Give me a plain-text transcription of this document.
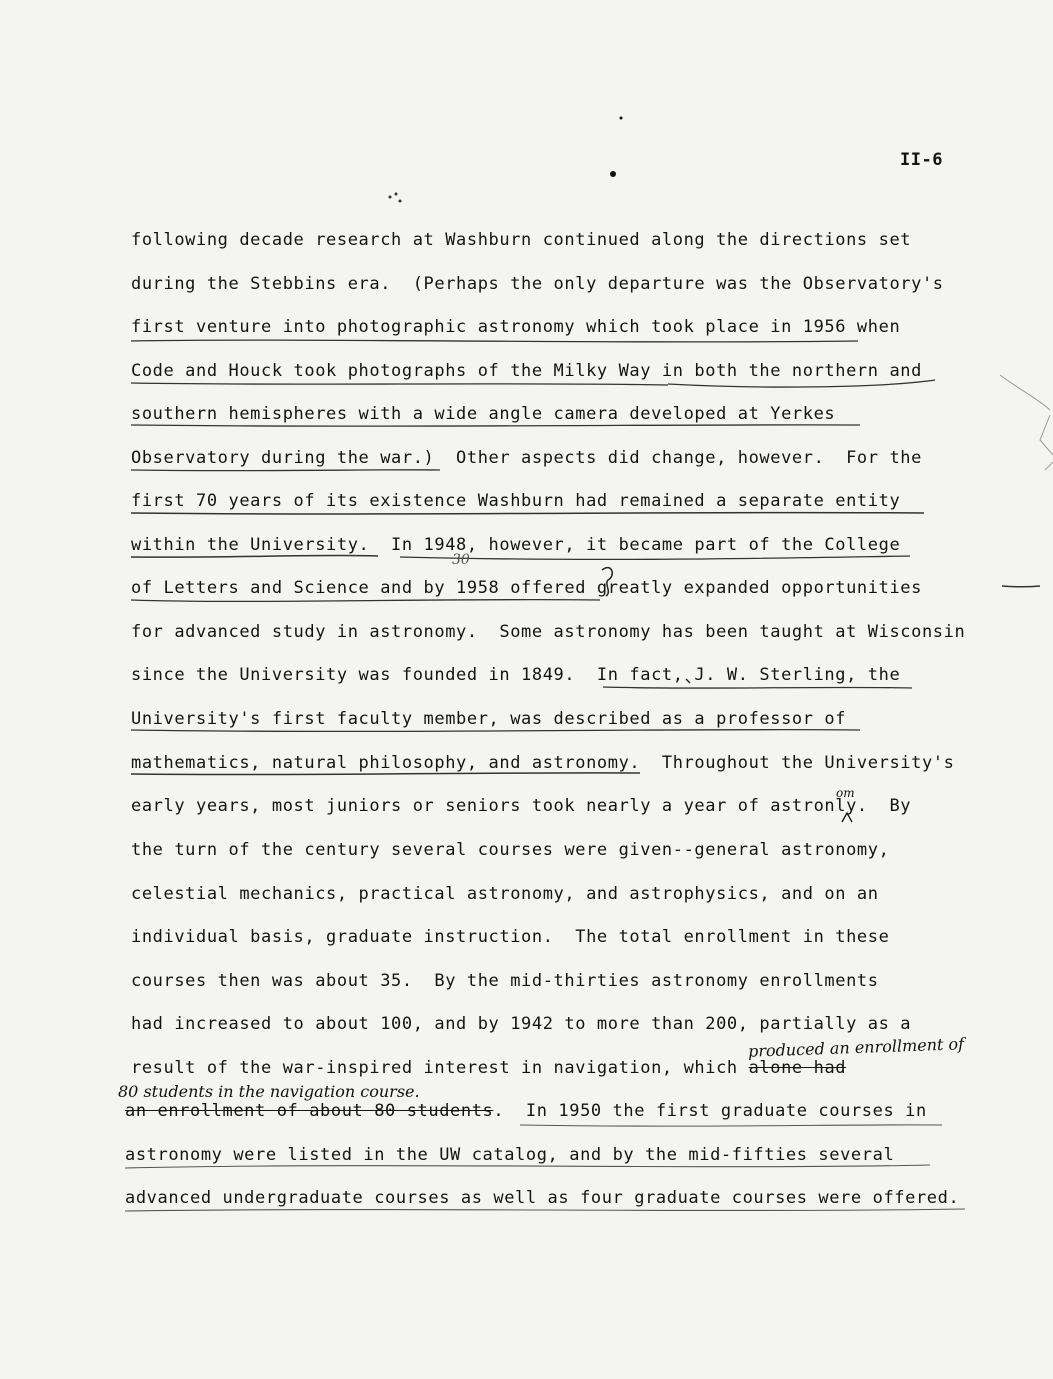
II-6
following decade research at Washburn continued along the directions set
during the Stebbins era.  (Perhaps the only departure was the Observatory's
first venture into photographic astronomy which took place in 1956 when
Code and Houck took photographs of the Milky Way in both the northern and
southern hemispheres with a wide angle camera developed at Yerkes
Observatory during the war.)  Other aspects did change, however.  For the
first 70 years of its existence Washburn had remained a separate entity
within the University.  In 1948, however, it became part of the College
of Letters and Science and by 1958 offered greatly expanded opportunities
for advanced study in astronomy.  Some astronomy has been taught at Wisconsin
since the University was founded in 1849.  In fact, J. W. Sterling, the
University's first faculty member, was described as a professor of
mathematics, natural philosophy, and astronomy.  Throughout the University's
early years, most juniors or seniors took nearly a year of astronly.  By
the turn of the century several courses were given--general astronomy,
celestial mechanics, practical astronomy, and astrophysics, and on an
individual basis, graduate instruction.  The total enrollment in these
courses then was about 35.  By the mid-thirties astronomy enrollments
had increased to about 100, and by 1942 to more than 200, partially as a
result of the war-inspired interest in navigation, which alone had
an enrollment of about 80 students.  In 1950 the first graduate courses in
astronomy were listed in the UW catalog, and by the mid-fifties several
advanced undergraduate courses as well as four graduate courses were offered.
produced an enrollment of
80 students in the navigation course.
om
30
